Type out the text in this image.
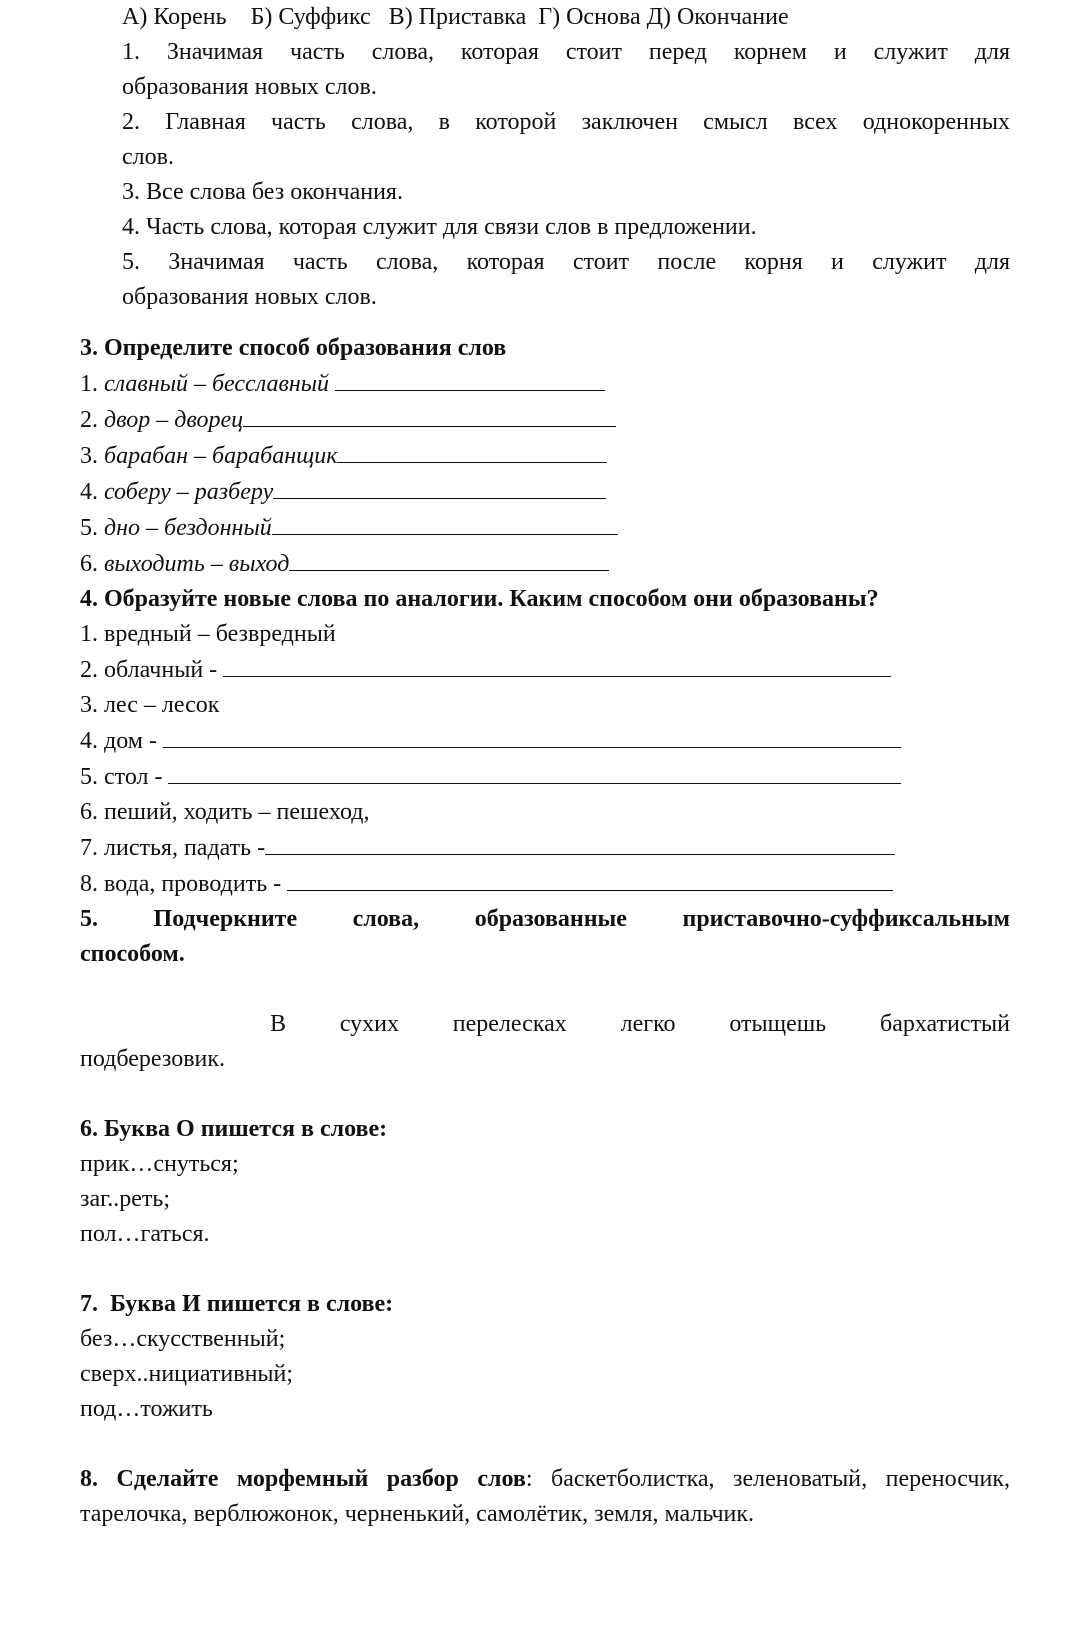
А) Корень    Б) Суффикс   В) Приставка  Г) Основа Д) Окончание
1. Значимая часть слова, которая стоит перед корнем и служит для
образования новых слов.
2. Главная часть слова, в которой заключен смысл всех однокоренных
слов.
3. Все слова без окончания.
4. Часть слова, которая служит для связи слов в предложении.
5. Значимая часть слова, которая стоит после корня и служит для
образования новых слов.
3. Определите способ образования слов
1. славный – бесславный
2. двор – дворец
3. барабан – барабанщик
4. соберу – разберу
5. дно – бездонный
6. выходить – выход
4. Образуйте новые слова по аналогии. Каким способом они образованы?
1. вредный – безвредный
2. облачный -
3. лес – лесок
4. дом -
5. стол -
6. пеший, ходить – пешеход,
7. листья, падать -
8. вода, проводить -
5. Подчеркните слова, образованные приставочно-суффиксальным
способом.
В сухих перелесках легко отыщешь бархатистый
подберезовик.
6. Буква О пишется в слове:
прик…снуться;
заг..реть;
пол…гаться.
7.  Буква И пишется в слове:
без…скусственный;
сверх..нициативный;
под…тожить
8. Сделайте морфемный разбор слов: баскетболистка, зеленоватый, переносчик, тарелочка, верблюжонок, черненький, самолётик, земля, мальчик.
